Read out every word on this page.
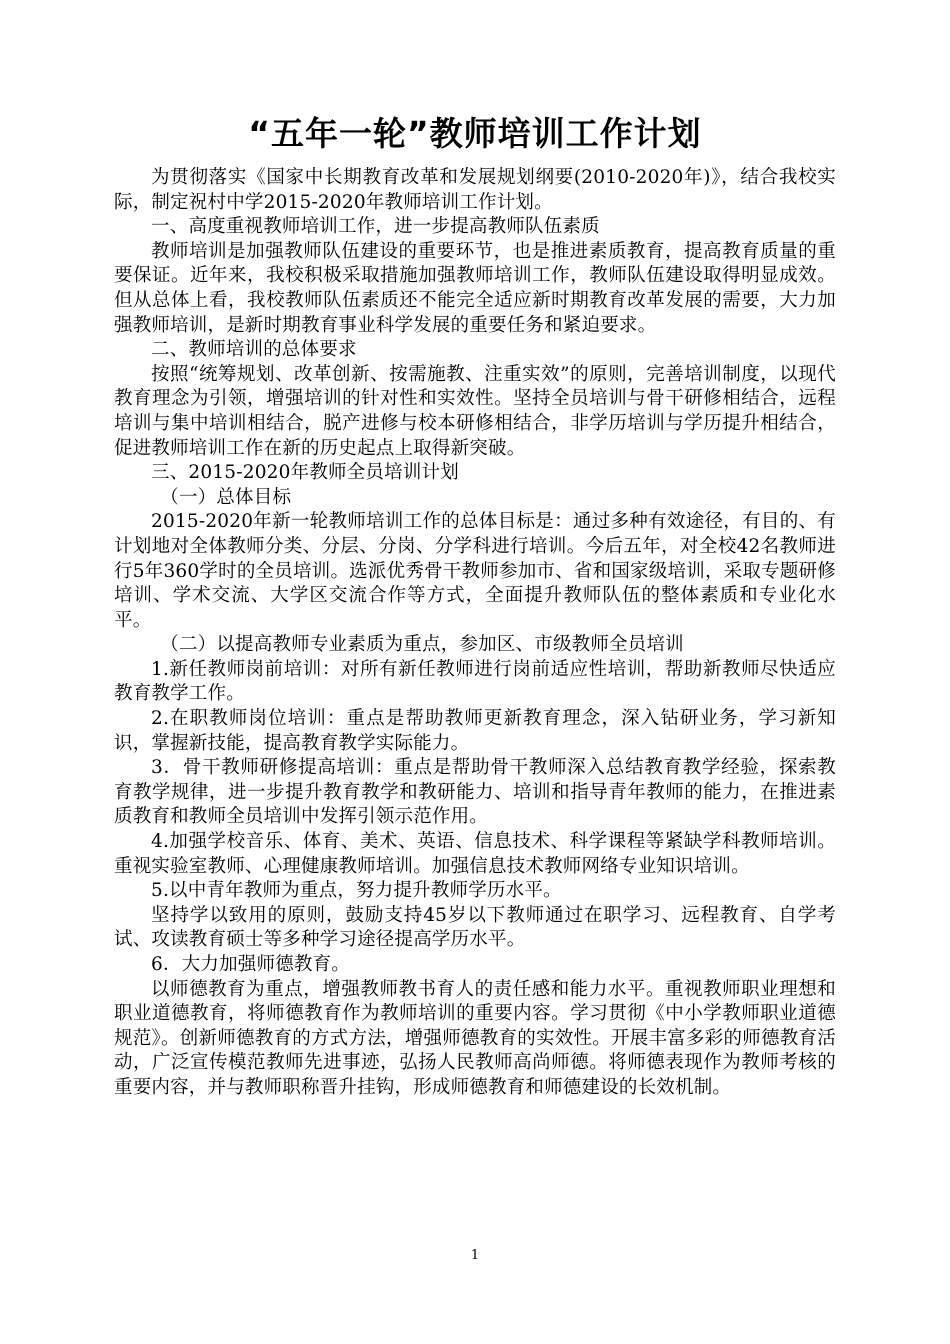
“五年一轮”教师培训工作计划

为贯彻落实《国家中长期教育改革和发展规划纲要(2010-2020年)》，结合我校实际，制定祝村中学2015-2020年教师培训工作计划。

一、高度重视教师培训工作，进一步提高教师队伍素质

教师培训是加强教师队伍建设的重要环节，也是推进素质教育，提高教育质量的重要保证。近年来，我校积极采取措施加强教师培训工作，教师队伍建设取得明显成效。但从总体上看，我校教师队伍素质还不能完全适应新时期教育改革发展的需要，大力加强教师培训，是新时期教育事业科学发展的重要任务和紧迫要求。

二、教师培训的总体要求

按照“统筹规划、改革创新、按需施教、注重实效”的原则，完善培训制度，以现代教育理念为引领，增强培训的针对性和实效性。坚持全员培训与骨干研修相结合，远程培训与集中培训相结合，脱产进修与校本研修相结合，非学历培训与学历提升相结合，促进教师培训工作在新的历史起点上取得新突破。

三、2015-2020年教师全员培训计划

（一）总体目标

2015-2020年新一轮教师培训工作的总体目标是：通过多种有效途径，有目的、有计划地对全体教师分类、分层、分岗、分学科进行培训。今后五年，对全校42名教师进行5年360学时的全员培训。选派优秀骨干教师参加市、省和国家级培训，采取专题研修培训、学术交流、大学区交流合作等方式，全面提升教师队伍的整体素质和专业化水平。

（二）以提高教师专业素质为重点，参加区、市级教师全员培训

1.新任教师岗前培训：对所有新任教师进行岗前适应性培训，帮助新教师尽快适应教育教学工作。

2.在职教师岗位培训：重点是帮助教师更新教育理念，深入钻研业务，学习新知识，掌握新技能，提高教育教学实际能力。

3．骨干教师研修提高培训：重点是帮助骨干教师深入总结教育教学经验，探索教育教学规律，进一步提升教育教学和教研能力、培训和指导青年教师的能力，在推进素质教育和教师全员培训中发挥引领示范作用。

4.加强学校音乐、体育、美术、英语、信息技术、科学课程等紧缺学科教师培训。重视实验室教师、心理健康教师培训。加强信息技术教师网络专业知识培训。

5.以中青年教师为重点，努力提升教师学历水平。

坚持学以致用的原则，鼓励支持45岁以下教师通过在职学习、远程教育、自学考试、攻读教育硕士等多种学习途径提高学历水平。

6．大力加强师德教育。

以师德教育为重点，增强教师教书育人的责任感和能力水平。重视教师职业理想和职业道德教育，将师德教育作为教师培训的重要内容。学习贯彻《中小学教师职业道德规范》。创新师德教育的方式方法，增强师德教育的实效性。开展丰富多彩的师德教育活动，广泛宣传模范教师先进事迹，弘扬人民教师高尚师德。将师德表现作为教师考核的重要内容，并与教师职称晋升挂钩，形成师德教育和师德建设的长效机制。

1
